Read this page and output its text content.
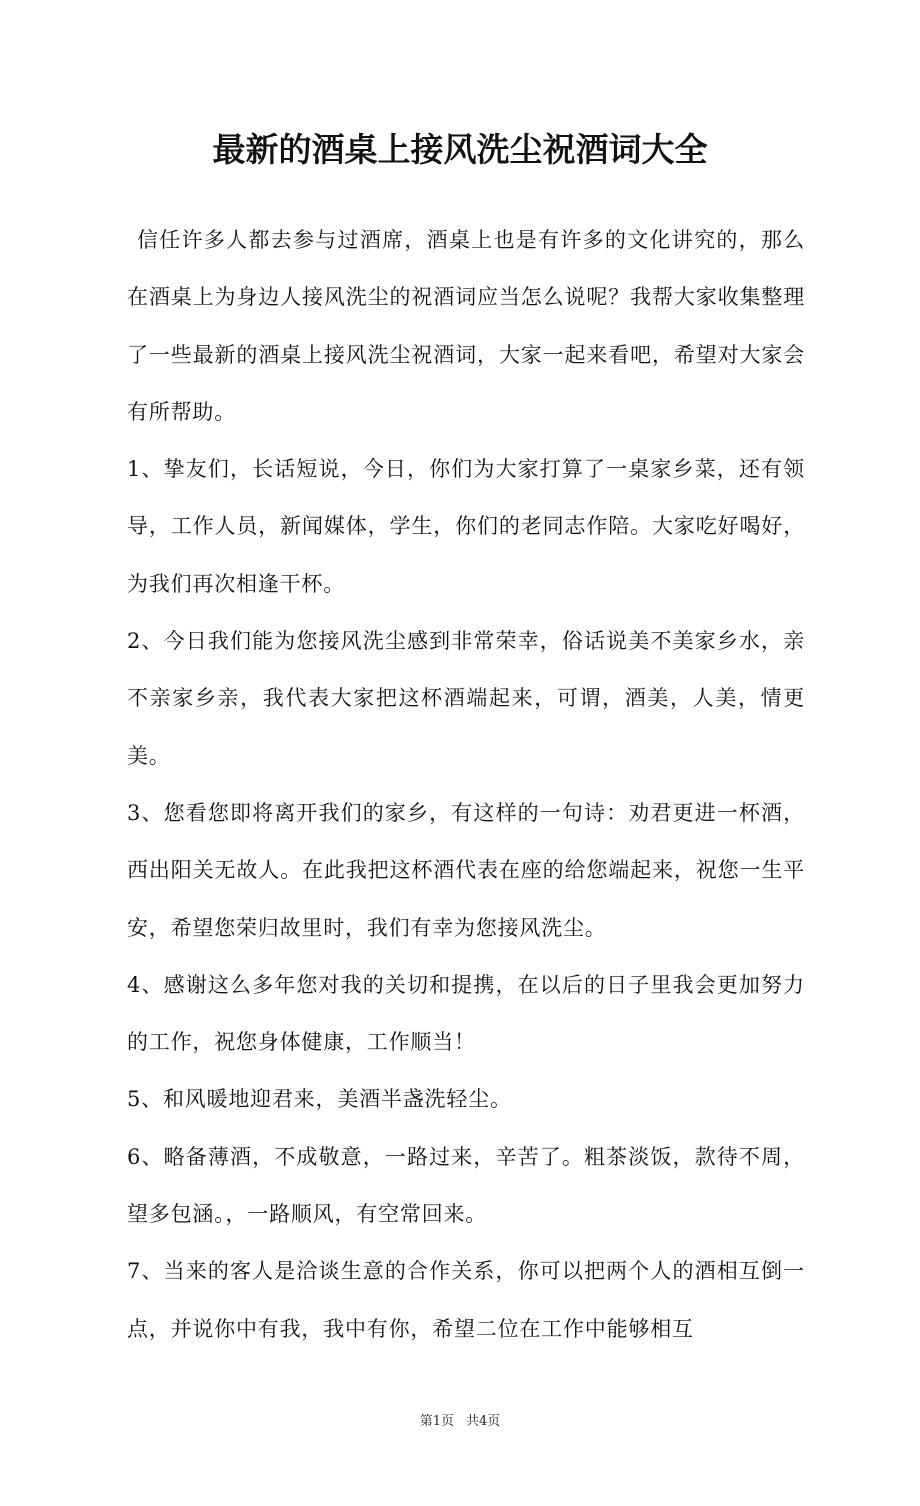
最新的酒桌上接风洗尘祝酒词大全

信任许多人都去参与过酒席，酒桌上也是有许多的文化讲究的，那么在酒桌上为身边人接风洗尘的祝酒词应当怎么说呢？我帮大家收集整理了一些最新的酒桌上接风洗尘祝酒词，大家一起来看吧，希望对大家会有所帮助。

1、挚友们，长话短说，今日，你们为大家打算了一桌家乡菜，还有领导，工作人员，新闻媒体，学生，你们的老同志作陪。大家吃好喝好，为我们再次相逢干杯。

2、今日我们能为您接风洗尘感到非常荣幸，俗话说美不美家乡水，亲不亲家乡亲，我代表大家把这杯酒端起来，可谓，酒美，人美，情更美。

3、您看您即将离开我们的家乡，有这样的一句诗：劝君更进一杯酒，西出阳关无故人。在此我把这杯酒代表在座的给您端起来，祝您一生平安，希望您荣归故里时，我们有幸为您接风洗尘。

4、感谢这么多年您对我的关切和提携，在以后的日子里我会更加努力的工作，祝您身体健康，工作顺当！

5、和风暖地迎君来，美酒半盏洗轻尘。

6、略备薄酒，不成敬意，一路过来，辛苦了。粗茶淡饭，款待不周，望多包涵。，一路顺风，有空常回来。

7、当来的客人是洽谈生意的合作关系，你可以把两个人的酒相互倒一点，并说你中有我，我中有你，希望二位在工作中能够相互

第1页 共4页
